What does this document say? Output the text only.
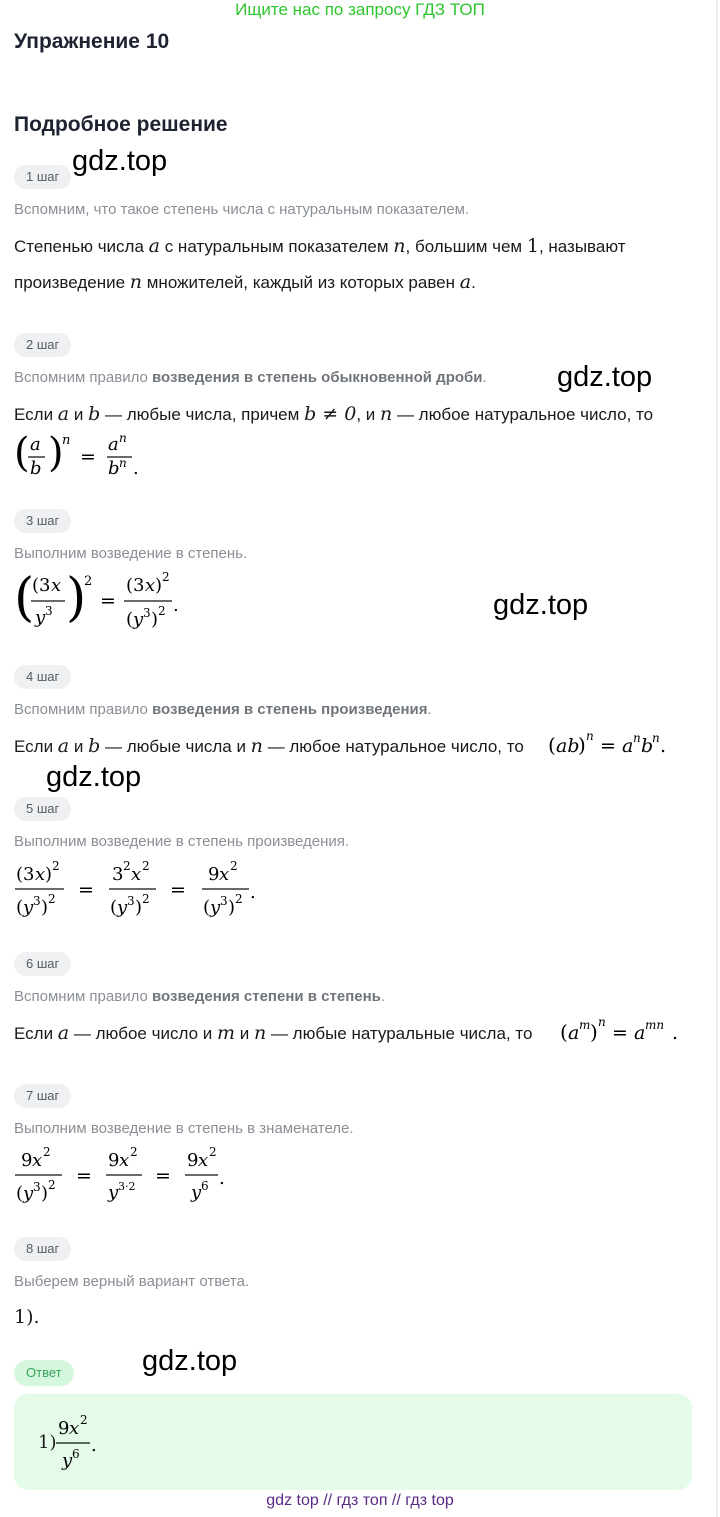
Ищите нас по запросу ГДЗ ТОП
Упражнение 10
Подробное решение
gdz.top
gdz.top
gdz.top
gdz.top
gdz.top
1 шаг
Вспомним, что такое степень числа с натуральным показателем.
Степенью числа a с натуральным показателем n, большим чем 1, называют
произведение n множителей, каждый из которых равен a.
2 шаг
Вспомним правило возведения в степень обыкновенной дроби.
Если a и b — любые числа, причем b ≠ 0, и n — любое натуральное число, то
( a
b )
n
=
a n
b n .
3 шаг
Выполним возведение в степень.
(
(3 x
y 3 )
2
=
(3 x ) 2
( y 3 ) 2 .
4 шаг
Вспомним правило возведения в степень произведения.
Если a и b — любые числа и n — любое натуральное число, то ( ab
) n = a n b
n .
5 шаг
Выполним возведение в степень произведения.
(3 x ) 2
( y 3 ) 2 =
3 2 x 2
( y 3 ) 2 =
9 x 2
( y 3 ) 2 .
6 шаг
Вспомним правило возведения степени в степень.
Если a — любое число и m и n — любые натуральные числа, то ( a m ) n = a mn .
7 шаг
Выполним возведение в степень в знаменателе.
9 x 2
( y 3 ) 2 =
9 x 2
y 3·2 =
9 x 2
y 6 .
8 шаг
Выберем верный вариант ответа.
1).
Ответ
1)
9 x 2
y 6 .
gdz top // гдз топ // гдз top
